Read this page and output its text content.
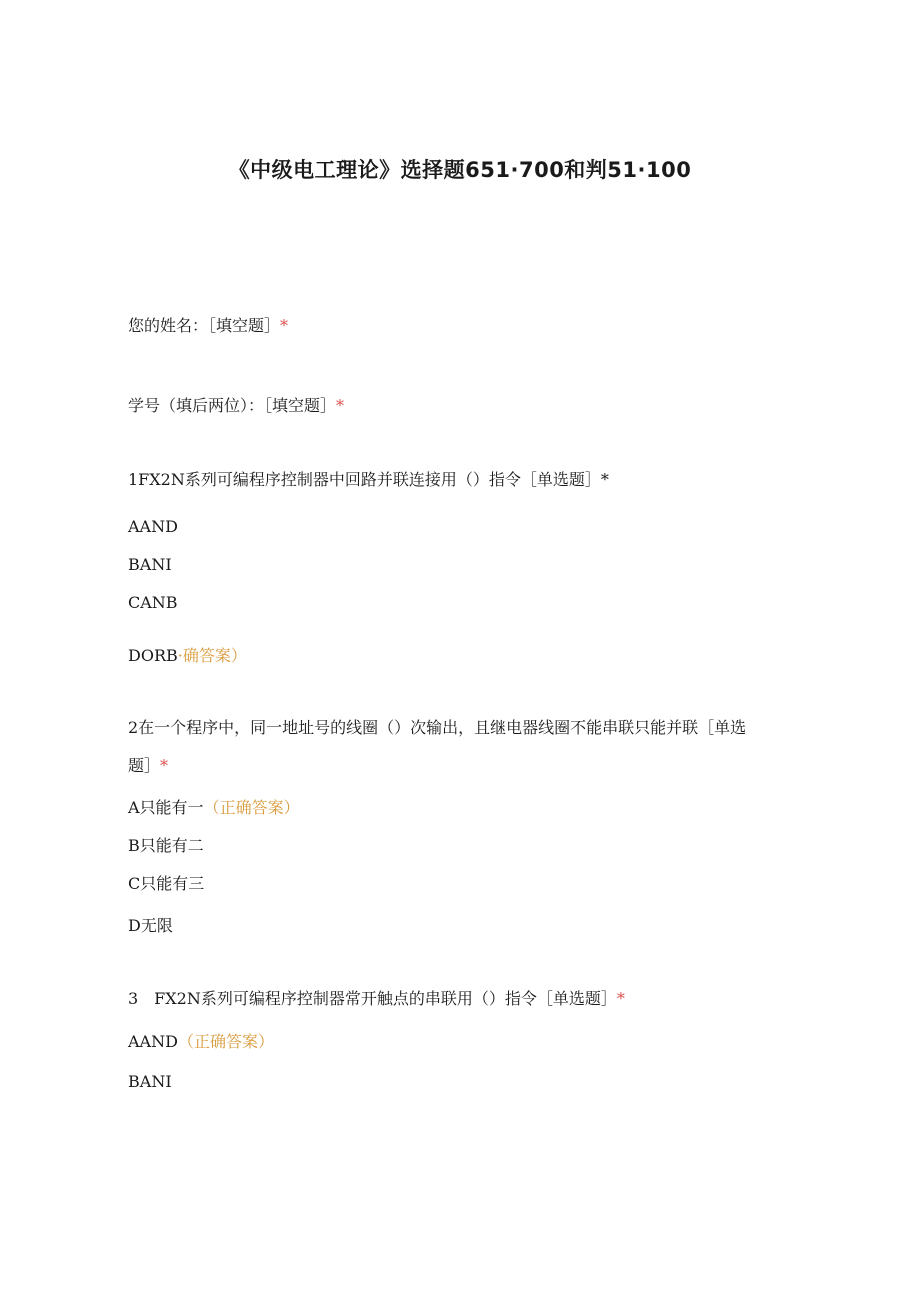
《中级电工理论》选择题651·700和判51·100

您的姓名：［填空题］*

学号（填后两位）：［填空题］*

1FX2N系列可编程序控制器中回路并联连接用（）指令［单选题］*

AAND

BANI

CANB

DORB·确答案）

2在一个程序中，同一地址号的线圈（）次输出，且继电器线圈不能串联只能并联［单选

题］*

A只能有一（正确答案）

B只能有二

C只能有三

D无限

3　FX2N系列可编程序控制器常开触点的串联用（）指令［单选题］*

AAND（正确答案）

BANI
